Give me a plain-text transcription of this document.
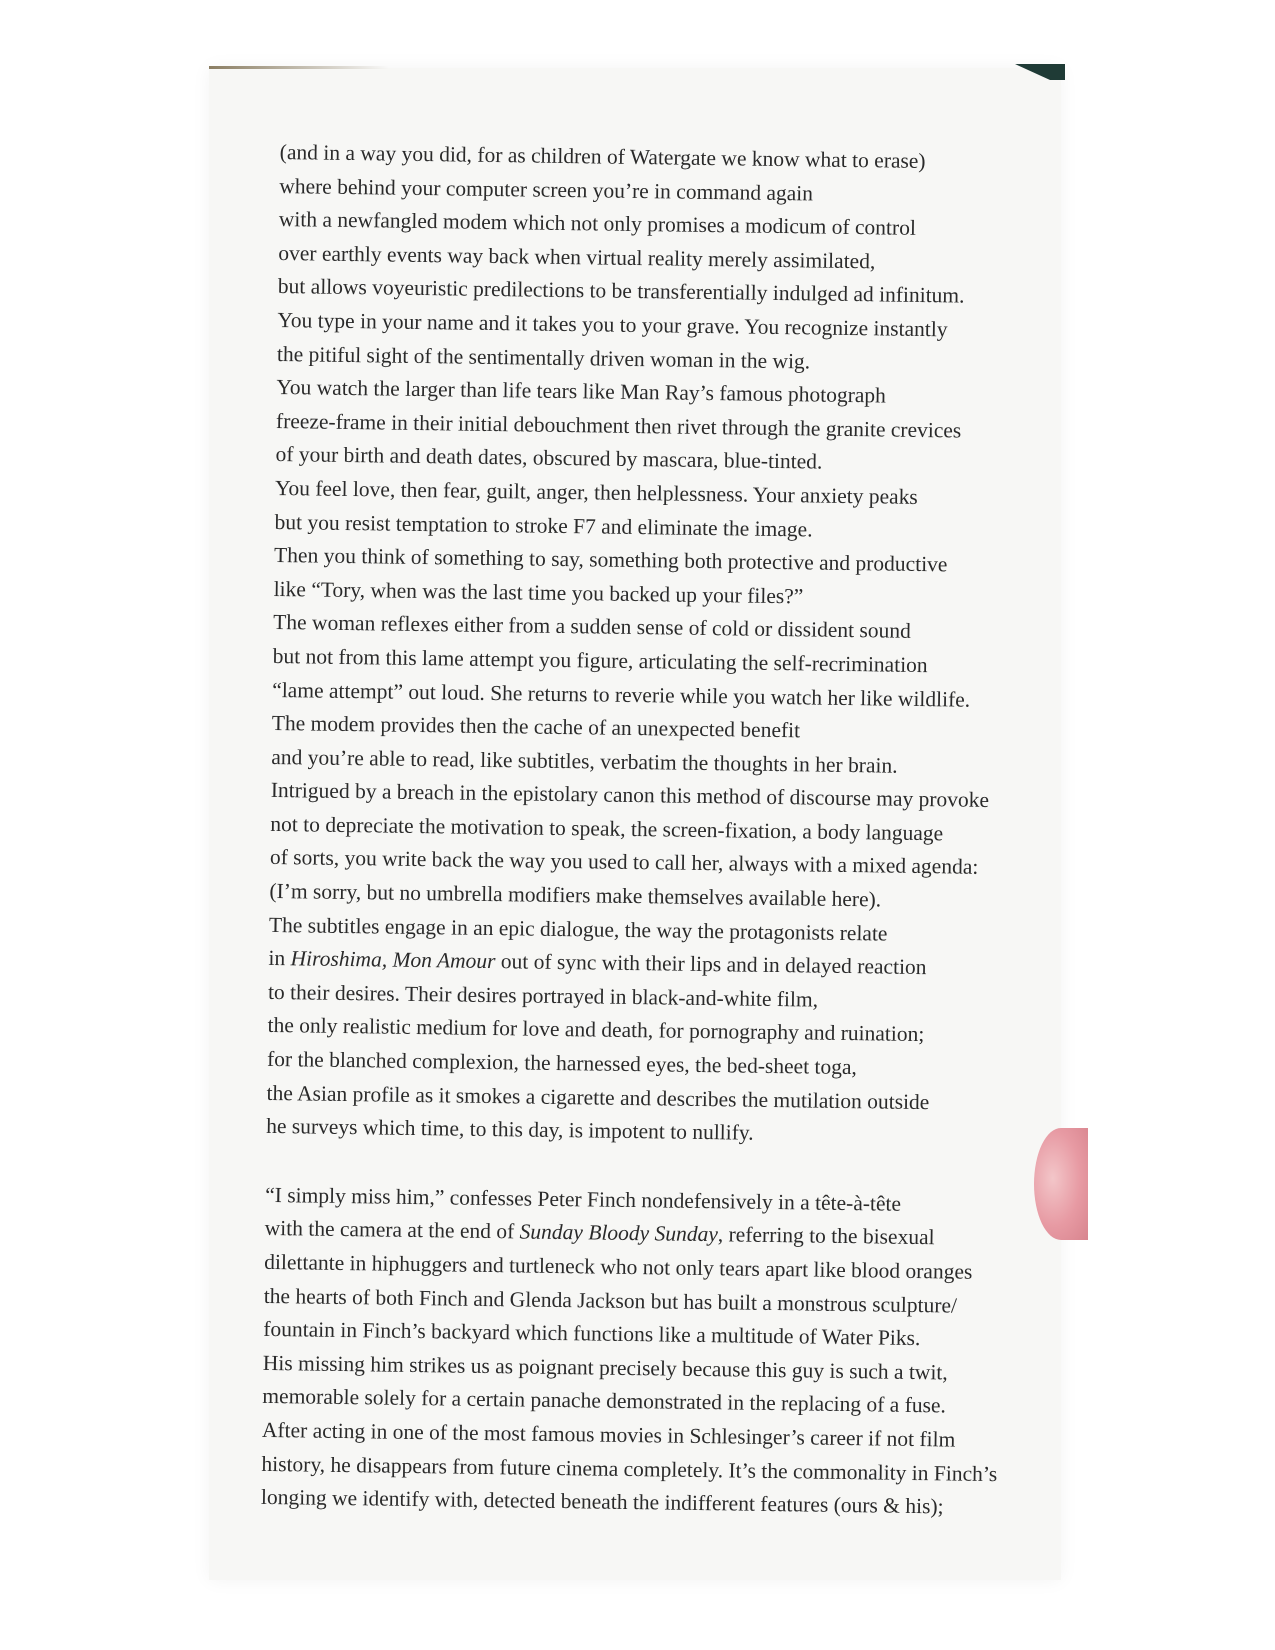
(and in a way you did, for as children of Watergate we know what to erase)
where behind your computer screen you’re in command again
with a newfangled modem which not only promises a modicum of control
over earthly events way back when virtual reality merely assimilated,
but allows voyeuristic predilections to be transferentially indulged ad infinitum.
You type in your name and it takes you to your grave. You recognize instantly
the pitiful sight of the sentimentally driven woman in the wig.
You watch the larger than life tears like Man Ray’s famous photograph
freeze-frame in their initial debouchment then rivet through the granite crevices
of your birth and death dates, obscured by mascara, blue-tinted.
You feel love, then fear, guilt, anger, then helplessness. Your anxiety peaks
but you resist temptation to stroke F7 and eliminate the image.
Then you think of something to say, something both protective and productive
like “Tory, when was the last time you backed up your files?”
The woman reflexes either from a sudden sense of cold or dissident sound
but not from this lame attempt you figure, articulating the self-recrimination
“lame attempt” out loud. She returns to reverie while you watch her like wildlife.
The modem provides then the cache of an unexpected benefit
and you’re able to read, like subtitles, verbatim the thoughts in her brain.
Intrigued by a breach in the epistolary canon this method of discourse may provoke
not to depreciate the motivation to speak, the screen-fixation, a body language
of sorts, you write back the way you used to call her, always with a mixed agenda:
(I’m sorry, but no umbrella modifiers make themselves available here).
The subtitles engage in an epic dialogue, the way the protagonists relate
in Hiroshima, Mon Amour out of sync with their lips and in delayed reaction
to their desires. Their desires portrayed in black-and-white film,
the only realistic medium for love and death, for pornography and ruination;
for the blanched complexion, the harnessed eyes, the bed-sheet toga,
the Asian profile as it smokes a cigarette and describes the mutilation outside
he surveys which time, to this day, is impotent to nullify.
“I simply miss him,” confesses Peter Finch nondefensively in a tête-à-tête
with the camera at the end of Sunday Bloody Sunday, referring to the bisexual
dilettante in hiphuggers and turtleneck who not only tears apart like blood oranges
the hearts of both Finch and Glenda Jackson but has built a monstrous sculpture/
fountain in Finch’s backyard which functions like a multitude of Water Piks.
His missing him strikes us as poignant precisely because this guy is such a twit,
memorable solely for a certain panache demonstrated in the replacing of a fuse.
After acting in one of the most famous movies in Schlesinger’s career if not film
history, he disappears from future cinema completely. It’s the commonality in Finch’s
longing we identify with, detected beneath the indifferent features (ours & his);
